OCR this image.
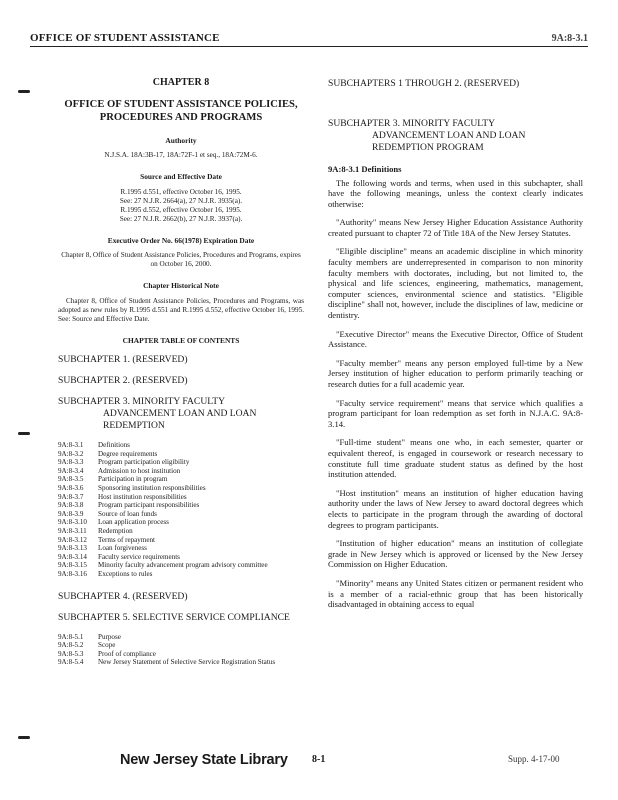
OFFICE OF STUDENT ASSISTANCE	9A:8-3.1
CHAPTER 8
OFFICE OF STUDENT ASSISTANCE POLICIES, PROCEDURES AND PROGRAMS
Authority
N.J.S.A. 18A:3B-17, 18A:72F-1 et seq., 18A:72M-6.
Source and Effective Date
R.1995 d.551, effective October 16, 1995.
See: 27 N.J.R. 2664(a), 27 N.J.R. 3935(a).
R.1995 d.552, effective October 16, 1995.
See: 27 N.J.R. 2662(b), 27 N.J.R. 3937(a).
Executive Order No. 66(1978) Expiration Date
Chapter 8, Office of Student Assistance Policies, Procedures and Programs, expires on October 16, 2000.
Chapter Historical Note
Chapter 8, Office of Student Assistance Policies, Procedures and Programs, was adopted as new rules by R.1995 d.551 and R.1995 d.552, effective October 16, 1995. See: Source and Effective Date.
CHAPTER TABLE OF CONTENTS

SUBCHAPTER 1. (RESERVED)

SUBCHAPTER 2. (RESERVED)

SUBCHAPTER 3. MINORITY FACULTY

ADVANCEMENT LOAN AND LOAN

REDEMPTION

9A:8-3.1 Definitions
9A:8-3.2 Degree requirements
9A:8-3.3 Program participation eligibility
9A:8-3.4 Admission to host institution
9A:8-3.5 Participation in program
9A:8-3.6 Sponsoring institution responsibilities
9A:8-3.7 Host institution responsibilities
9A:8-3.8 Program participant responsibilities
9A:8-3.9 Source of loan funds
9A:8-3.10 Loan application process
9A:8-3.11 Redemption
9A:8-3.12 Terms of repayment
9A:8-3.13 Loan forgiveness
9A:8-3.14 Faculty service requirements
9A:8-3.15 Minority faculty advancement program advisory committee
9A:8-3.16 Exceptions to rules

SUBCHAPTER 4. (RESERVED)

SUBCHAPTER 5. SELECTIVE SERVICE COMPLIANCE

9A:8-5.1 Purpose
9A:8-5.2 Scope
9A:8-5.3 Proof of compliance
9A:8-5.4 New Jersey Statement of Selective Service Registration Status

SUBCHAPTERS 1 THROUGH 2. (RESERVED)

SUBCHAPTER 3. MINORITY FACULTY

ADVANCEMENT LOAN AND LOAN

REDEMPTION PROGRAM

9A:8-3.1 Definitions

The following words and terms, when used in this subchapter, shall have the following meanings, unless the context clearly indicates otherwise:

"Authority" means New Jersey Higher Education Assistance Authority created pursuant to chapter 72 of Title 18A of the New Jersey Statutes.

"Eligible discipline" means an academic discipline in which minority faculty members are underrepresented in comparison to non minority faculty members with doctorates, including, but not limited to, the physical and life sciences, engineering, mathematics, management, computer sciences, environmental science and statistics. "Eligible discipline" shall not, however, include the disciplines of law, medicine or dentistry.

"Executive Director" means the Executive Director, Office of Student Assistance.

"Faculty member" means any person employed full-time by a New Jersey institution of higher education to perform primarily teaching or research duties for a full academic year.

"Faculty service requirement" means that service which qualifies a program participant for loan redemption as set forth in N.J.A.C. 9A:8-3.14.

"Full-time student" means one who, in each semester, quarter or equivalent thereof, is engaged in coursework or research necessary to constitute full time graduate student status as defined by the host institution attended.

"Host institution" means an institution of higher education having authority under the laws of New Jersey to award doctoral degrees which elects to participate in the program through the awarding of doctoral degrees to program participants.

"Institution of higher education" means an institution of collegiate grade in New Jersey which is approved or licensed by the New Jersey Commission on Higher Education.

"Minority" means any United States citizen or permanent resident who is a member of a racial-ethnic group that has been historically disadvantaged in obtaining access to equal

New Jersey State Library 8-1	Supp. 4-17-00
